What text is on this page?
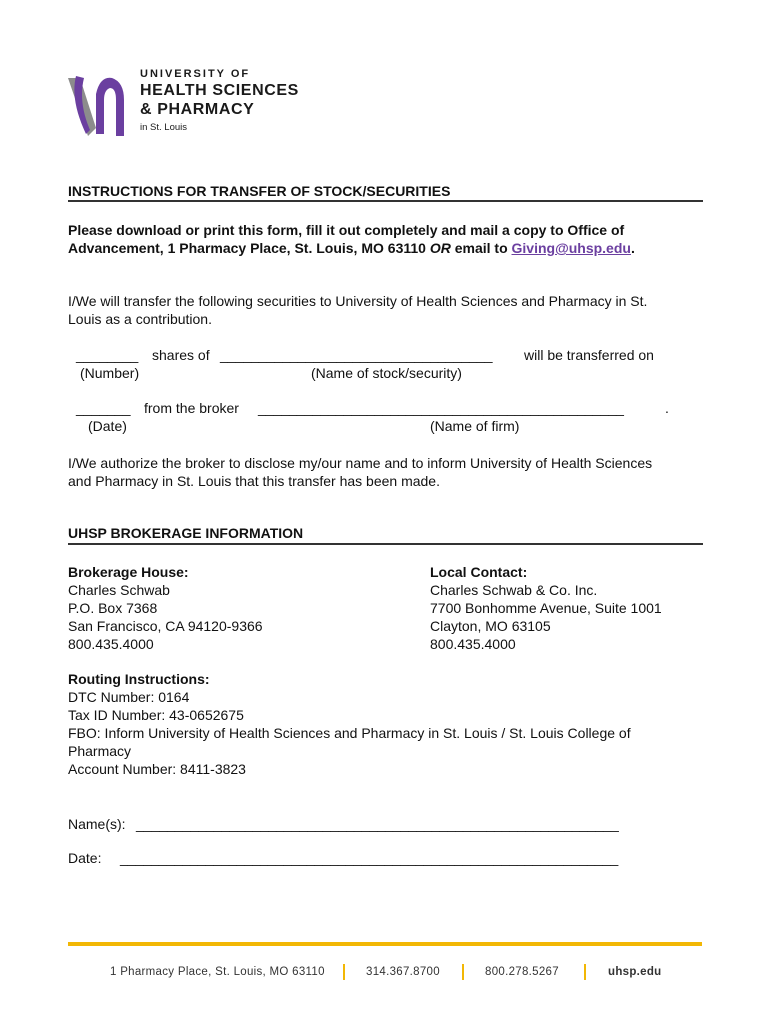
UNIVERSITY OF
HEALTH SCIENCES
& PHARMACY
in St. Louis
INSTRUCTIONS FOR TRANSFER OF STOCK/SECURITIES
Please download or print this form, fill it out completely and mail a copy to Office of
Advancement, 1 Pharmacy Place, St. Louis, MO 63110 OR email to Giving@uhsp.edu.
I/We will transfer the following securities to University of Health Sciences and Pharmacy in St.
Louis as a contribution.
________ shares of ___________________________________ will be transferred on
(Number)	(Name of stock/security)
_______ from the broker _______________________________________________	.
(Date)	(Name of firm)
I/We authorize the broker to disclose my/our name and to inform University of Health Sciences
and Pharmacy in St. Louis that this transfer has been made.
UHSP BROKERAGE INFORMATION
Brokerage House:
Charles Schwab
P.O. Box 7368
San Francisco, CA 94120-9366
800.435.4000
Local Contact:
Charles Schwab & Co. Inc.
7700 Bonhomme Avenue, Suite 1001
Clayton, MO 63105
800.435.4000
Routing Instructions:
DTC Number: 0164
Tax ID Number: 43-0652675
FBO: Inform University of Health Sciences and Pharmacy in St. Louis / St. Louis College of
Pharmacy
Account Number: 8411-3823
Name(s): ______________________________________________________________
Date: ________________________________________________________________
1 Pharmacy Place, St. Louis, MO 63110	314.367.8700	800.278.5267	uhsp.edu
